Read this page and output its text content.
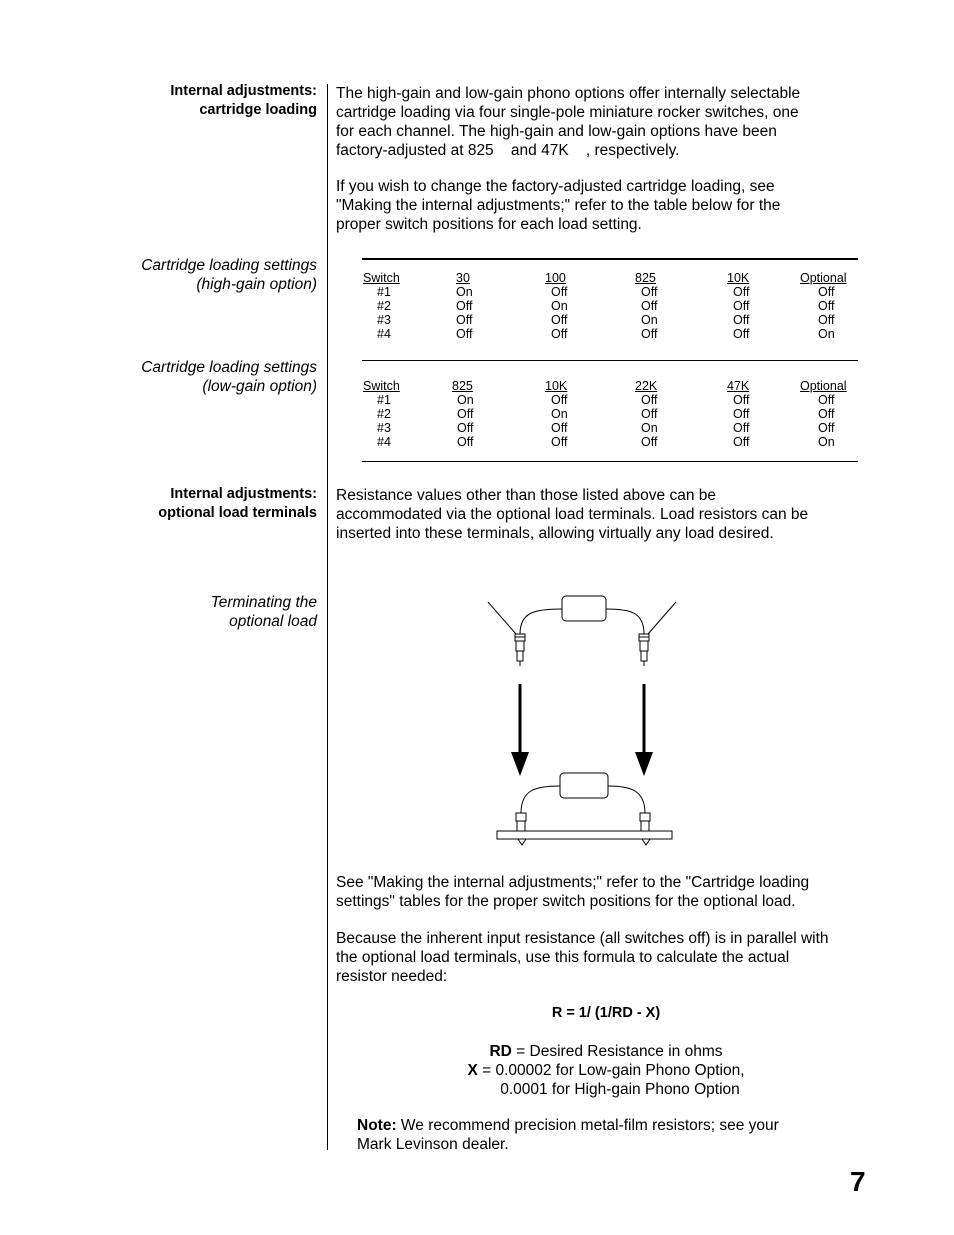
Internal adjustments:
cartridge loading
The high-gain and low-gain phono options offer internally selectable
cartridge loading via four single-pole miniature rocker switches, one
for each channel. The high-gain and low-gain options have been
factory-adjusted at 825    and 47K    , respectively.
If you wish to change the factory-adjusted cartridge loading, see
"Making the internal adjustments;" refer to the table below for the
proper switch positions for each load setting.
Cartridge loading settings
(high-gain option)	Switch
#1
#2
#3
#4
30
On
Off
Off
Off
100
Off
On
Off
Off
825
Off
Off
On
Off
10K
Off
Off
Off
Off
Optional
Off
Off
Off
On
Cartridge loading settings
(low-gain option)	Switch
#1
#2
#3
#4
825
On
Off
Off
Off
10K
Off
On
Off
Off
22K
Off
Off
On
Off
47K
Off
Off
Off
Off
Optional
Off
Off
Off
On
Internal adjustments:
optional load terminals
Resistance values other than those listed above can be
accommodated via the optional load terminals. Load resistors can be
inserted into these terminals, allowing virtually any load desired.
Terminating the
optional load
See "Making the internal adjustments;" refer to the "Cartridge loading
settings" tables for the proper switch positions for the optional load.
Because the inherent input resistance (all switches off) is in parallel with
the optional load terminals, use this formula to calculate the actual
resistor needed:
R = 1/ (1/RD - X)
RD = Desired Resistance in ohms
X = 0.00002 for Low-gain Phono Option,
0.0001 for High-gain Phono Option
Note: We recommend precision metal-film resistors; see your
Mark Levinson dealer.
7
